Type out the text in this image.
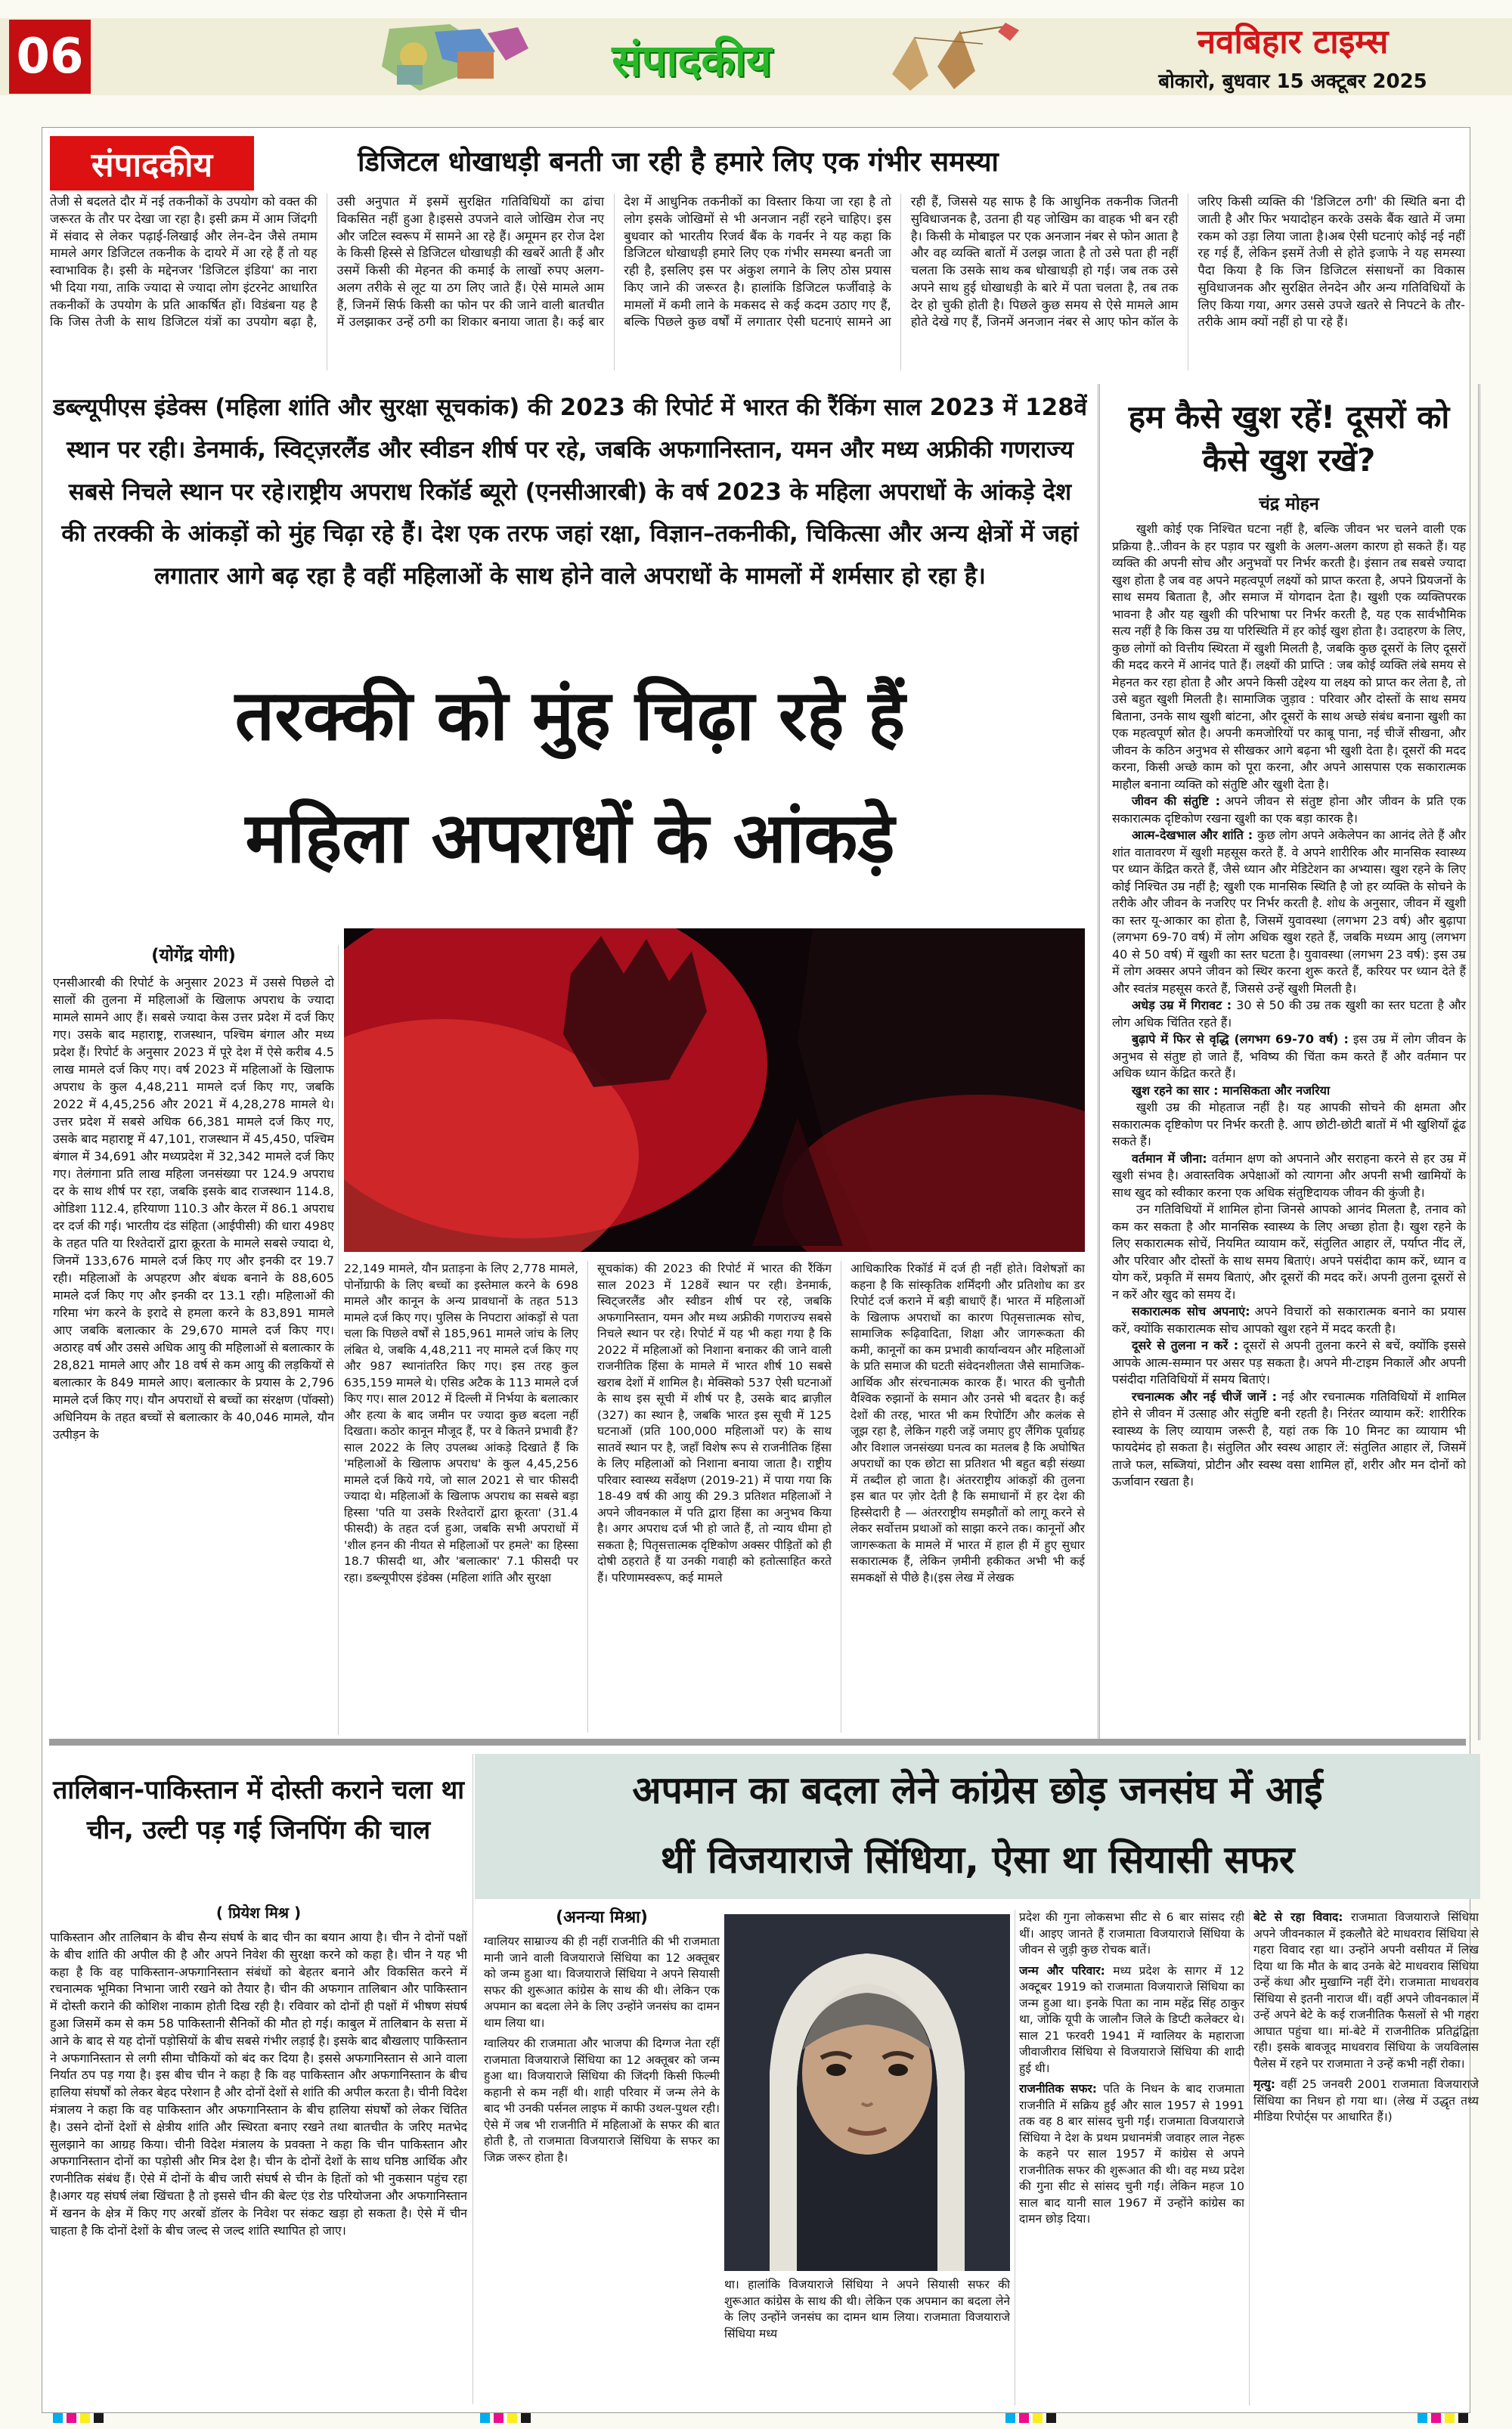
06	संपादकीय	नवबिहार टाइम्स
बोकारो, बुधवार 15 अक्टूबर 2025
संपादकीय	डिजिटल धोखाधड़ी बनती जा रही है हमारे लिए एक गंभीर समस्या
तेजी से बदलते दौर में नई तकनीकों के उपयोग को वक्त की जरूरत के तौर पर देखा जा रहा है। इसी क्रम में आम जिंदगी में संवाद से लेकर पढ़ाई-लिखाई और लेन-देन जैसे तमाम मामले अगर डिजिटल तकनीक के दायरे में आ रहे हैं तो यह स्वाभाविक है। इसी के मद्देनजर 'डिजिटल इंडिया' का नारा भी दिया गया, ताकि ज्यादा से ज्यादा लोग इंटरनेट आधारित तकनीकों के उपयोग के प्रति आकर्षित हों। विडंबना यह है कि जिस तेजी के साथ डिजिटल यंत्रों का उपयोग बढ़ा है, उसी अनुपात में इसमें सुरक्षित गतिविधियों का ढांचा विकसित नहीं हुआ है।इससे उपजने वाले जोखिम रोज नए और जटिल स्वरूप में सामने आ रहे हैं। अमूमन हर रोज देश के किसी हिस्से से डिजिटल धोखाधड़ी की खबरें आती हैं और उसमें किसी की मेहनत की कमाई के लाखों रुपए अलग-अलग तरीके से लूट या ठग लिए जाते हैं। ऐसे मामले आम हैं, जिनमें सिर्फ किसी का फोन पर की जाने वाली बातचीत में उलझाकर उन्हें ठगी का शिकार बनाया जाता है। कई बार देश में आधुनिक तकनीकों का विस्तार किया जा रहा है तो लोग इसके जोखिमों से भी अनजान नहीं रहने चाहिए। इस बुधवार को भारतीय रिजर्व बैंक के गवर्नर ने यह कहा कि डिजिटल धोखाधड़ी हमारे लिए एक गंभीर समस्या बनती जा रही है, इसलिए इस पर अंकुश लगाने के लिए ठोस प्रयास किए जाने की जरूरत है। हालांकि डिजिटल फर्जीवाड़े के मामलों में कमी लाने के मकसद से कई कदम उठाए गए हैं, बल्कि पिछले कुछ वर्षों में लगातार ऐसी घटनाएं सामने आ रही हैं, जिससे यह साफ है कि आधुनिक तकनीक जितनी सुविधाजनक है, उतना ही यह जोखिम का वाहक भी बन रही है। किसी के मोबाइल पर एक अनजान नंबर से फोन आता है और वह व्यक्ति बातों में उलझ जाता है तो उसे पता ही नहीं चलता कि उसके साथ कब धोखाधड़ी हो गई। जब तक उसे अपने साथ हुई धोखाधड़ी के बारे में पता चलता है, तब तक देर हो चुकी होती है। पिछले कुछ समय से ऐसे मामले आम होते देखे गए हैं, जिनमें अनजान नंबर से आए फोन कॉल के जरिए किसी व्यक्ति की 'डिजिटल ठगी' की स्थिति बना दी जाती है और फिर भयादोहन करके उसके बैंक खाते में जमा रकम को उड़ा लिया जाता है।अब ऐसी घटनाएं कोई नई नहीं रह गई हैं, लेकिन इसमें तेजी से होते इजाफे ने यह समस्या पैदा किया है कि जिन डिजिटल संसाधनों का विकास सुविधाजनक और सुरक्षित लेनदेन और अन्य गतिविधियों के लिए किया गया, अगर उससे उपजे खतरे से निपटने के तौर-तरीके आम क्यों नहीं हो पा रहे हैं।
डब्ल्यूपीएस इंडेक्स (महिला शांति और सुरक्षा सूचकांक) की 2023 की रिपोर्ट में भारत की रैंकिंग साल 2023 में 128वें स्थान पर रही। डेनमार्क, स्विट्ज़रलैंड और स्वीडन शीर्ष पर रहे, जबकि अफगानिस्तान, यमन और मध्य अफ्रीकी गणराज्य सबसे निचले स्थान पर रहे।राष्ट्रीय अपराध रिकॉर्ड ब्यूरो (एनसीआरबी) के वर्ष 2023 के महिला अपराधों के आंकड़े देश की तरक्की के आंकड़ों को मुंह चिढ़ा रहे हैं। देश एक तरफ जहां रक्षा, विज्ञान–तकनीकी, चिकित्सा और अन्य क्षेत्रों में जहां लगातार आगे बढ़ रहा है वहीं महिलाओं के साथ होने वाले अपराधों के मामलों में शर्मसार हो रहा है।
तरक्की को मुंह चिढ़ा रहे हैं
महिला अपराधों के आंकड़े
(योगेंद्र योगी)
एनसीआरबी की रिपोर्ट के अनुसार 2023 में उससे पिछले दो सालों की तुलना में महिलाओं के खिलाफ अपराध के ज्यादा मामले सामने आए हैं। सबसे ज्यादा केस उत्तर प्रदेश में दर्ज किए गए। उसके बाद महाराष्ट्र, राजस्थान, पश्चिम बंगाल और मध्य प्रदेश हैं। रिपोर्ट के अनुसार 2023 में पूरे देश में ऐसे करीब 4.5 लाख मामले दर्ज किए गए। वर्ष 2023 में महिलाओं के खिलाफ अपराध के कुल 4,48,211 मामले दर्ज किए गए, जबकि 2022 में 4,45,256 और 2021 में 4,28,278 मामले थे। उत्तर प्रदेश में सबसे अधिक 66,381 मामले दर्ज किए गए, उसके बाद महाराष्ट्र में 47,101, राजस्थान में 45,450, पश्चिम बंगाल में 34,691 और मध्यप्रदेश में 32,342 मामले दर्ज किए गए। तेलंगाना प्रति लाख महिला जनसंख्या पर 124.9 अपराध दर के साथ शीर्ष पर रहा, जबकि इसके बाद राजस्थान 114.8, ओडिशा 112.4, हरियाणा 110.3 और केरल में 86.1 अपराध दर दर्ज की गई। भारतीय दंड संहिता (आईपीसी) की धारा 498ए के तहत पति या रिश्तेदारों द्वारा क्रूरता के मामले सबसे ज्यादा थे, जिनमें 133,676 मामले दर्ज किए गए और इनकी दर 19.7 रही। महिलाओं के अपहरण और बंधक बनाने के 88,605 मामले दर्ज किए गए और इनकी दर 13.1 रही। महिलाओं की गरिमा भंग करने के इरादे से हमला करने के 83,891 मामले आए जबकि बलात्कार के 29,670 मामले दर्ज किए गए। अठारह वर्ष और उससे अधिक आयु की महिलाओं से बलात्कार के 28,821 मामले आए और 18 वर्ष से कम आयु की लड़कियों से बलात्कार के 849 मामले आए। बलात्कार के प्रयास के 2,796 मामले दर्ज किए गए। यौन अपराधों से बच्चों का संरक्षण (पॉक्सो) अधिनियम के तहत बच्चों से बलात्कार के 40,046 मामले, यौन उत्पीड़न के
22,149 मामले, यौन प्रताड़ना के लिए 2,778 मामले, पोर्नोग्राफी के लिए बच्चों का इस्तेमाल करने के 698 मामले और कानून के अन्य प्रावधानों के तहत 513 मामले दर्ज किए गए। पुलिस के निपटारा आंकड़ों से पता चला कि पिछले वर्षों से 185,961 मामले जांच के लिए लंबित थे, जबकि 4,48,211 नए मामले दर्ज किए गए और 987 स्थानांतरित किए गए। इस तरह कुल 635,159 मामले थे। एसिड अटैक के 113 मामले दर्ज किए गए। साल 2012 में दिल्ली में निर्भया के बलात्कार और हत्या के बाद जमीन पर ज्यादा कुछ बदला नहीं दिखता। कठोर कानून मौजूद हैं, पर वे कितने प्रभावी हैं? साल 2022 के लिए उपलब्ध आंकड़े दिखाते हैं कि 'महिलाओं के खिलाफ अपराध' के कुल 4,45,256 मामले दर्ज किये गये, जो साल 2021 से चार फीसदी ज्यादा थे। महिलाओं के खिलाफ अपराध का सबसे बड़ा हिस्सा 'पति या उसके रिश्तेदारों द्वारा क्रूरता' (31.4 फीसदी) के तहत दर्ज हुआ, जबकि सभी अपराधों में 'शील हनन की नीयत से महिलाओं पर हमले' का हिस्सा 18.7 फीसदी था, और 'बलात्कार' 7.1 फीसदी पर रहा। डब्ल्यूपीएस इंडेक्स (महिला शांति और सुरक्षा
सूचकांक) की 2023 की रिपोर्ट में भारत की रैंकिंग साल 2023 में 128वें स्थान पर रही। डेनमार्क, स्विट्जरलैंड और स्वीडन शीर्ष पर रहे, जबकि अफगानिस्तान, यमन और मध्य अफ्रीकी गणराज्य सबसे निचले स्थान पर रहे। रिपोर्ट में यह भी कहा गया है कि 2022 में महिलाओं को निशाना बनाकर की जाने वाली राजनीतिक हिंसा के मामले में भारत शीर्ष 10 सबसे खराब देशों में शामिल है। मेक्सिको 537 ऐसी घटनाओं के साथ इस सूची में शीर्ष पर है, उसके बाद ब्राज़ील (327) का स्थान है, जबकि भारत इस सूची में 125 घटनाओं (प्रति 100,000 महिलाओं पर) के साथ सातवें स्थान पर है, जहाँ विशेष रूप से राजनीतिक हिंसा के लिए महिलाओं को निशाना बनाया जाता है। राष्ट्रीय परिवार स्वास्थ्य सर्वेक्षण (2019-21) में पाया गया कि 18-49 वर्ष की आयु की 29.3 प्रतिशत महिलाओं ने अपने जीवनकाल में पति द्वारा हिंसा का अनुभव किया है। अगर अपराध दर्ज भी हो जाते हैं, तो न्याय धीमा हो सकता है; पितृसत्तात्मक दृष्टिकोण अक्सर पीड़ितों को ही दोषी ठहराते हैं या उनकी गवाही को हतोत्साहित करते हैं। परिणामस्वरूप, कई मामले
आधिकारिक रिकॉर्ड में दर्ज ही नहीं होते। विशेषज्ञों का कहना है कि सांस्कृतिक शर्मिंदगी और प्रतिशोध का डर रिपोर्ट दर्ज कराने में बड़ी बाधाएँ हैं। भारत में महिलाओं के खिलाफ अपराधों का कारण पितृसत्तात्मक सोच, सामाजिक रूढ़िवादिता, शिक्षा और जागरूकता की कमी, कानूनों का कम प्रभावी कार्यान्वयन और महिलाओं के प्रति समाज की घटती संवेदनशीलता जैसे सामाजिक-आर्थिक और संरचनात्मक कारक हैं। भारत की चुनौती वैश्विक रुझानों के समान और उनसे भी बदतर है। कई देशों की तरह, भारत भी कम रिपोर्टिंग और कलंक से जूझ रहा है, लेकिन गहरी जड़ें जमाए हुए लैंगिक पूर्वाग्रह और विशाल जनसंख्या घनत्व का मतलब है कि अघोषित अपराधों का एक छोटा सा प्रतिशत भी बहुत बड़ी संख्या में तब्दील हो जाता है। अंतरराष्ट्रीय आंकड़ों की तुलना इस बात पर ज़ोर देती है कि समाधानों में हर देश की हिस्सेदारी है — अंतरराष्ट्रीय समझौतों को लागू करने से लेकर सर्वोत्तम प्रथाओं को साझा करने तक। कानूनों और जागरूकता के मामले में भारत में हाल ही में हुए सुधार सकारात्मक हैं, लेकिन ज़मीनी हकीकत अभी भी कई समकक्षों से पीछे है।(इस लेख में लेखक
हम कैसे खुश रहें! दूसरों को कैसे खुश रखें?
चंद्र मोहन

खुशी कोई एक निश्चित घटना नहीं है, बल्कि जीवन भर चलने वाली एक प्रक्रिया है..जीवन के हर पड़ाव पर खुशी के अलग-अलग कारण हो सकते हैं। यह व्यक्ति की अपनी सोच और अनुभवों पर निर्भर करती है। इंसान तब सबसे ज्यादा खुश होता है जब वह अपने महत्वपूर्ण लक्ष्यों को प्राप्त करता है, अपने प्रियजनों के साथ समय बिताता है, और समाज में योगदान देता है। खुशी एक व्यक्तिपरक भावना है और यह खुशी की परिभाषा पर निर्भर करती है, यह एक सार्वभौमिक सत्य नहीं है कि किस उम्र या परिस्थिति में हर कोई खुश होता है। उदाहरण के लिए, कुछ लोगों को वित्तीय स्थिरता में खुशी मिलती है, जबकि कुछ दूसरों के लिए दूसरों की मदद करने में आनंद पाते हैं। लक्ष्यों की प्राप्ति : जब कोई व्यक्ति लंबे समय से मेहनत कर रहा होता है और अपने किसी उद्देश्य या लक्ष्य को प्राप्त कर लेता है, तो उसे बहुत खुशी मिलती है। सामाजिक जुड़ाव : परिवार और दोस्तों के साथ समय बिताना, उनके साथ खुशी बांटना, और दूसरों के साथ अच्छे संबंध बनाना खुशी का एक महत्वपूर्ण स्रोत है। अपनी कमजोरियों पर काबू पाना, नई चीजें सीखना, और जीवन के कठिन अनुभव से सीखकर आगे बढ़ना भी खुशी देता है। दूसरों की मदद करना, किसी अच्छे काम को पूरा करना, और अपने आसपास एक सकारात्मक माहौल बनाना व्यक्ति को संतुष्टि और खुशी देता है।

जीवन की संतुष्टि : अपने जीवन से संतुष्ट होना और जीवन के प्रति एक सकारात्मक दृष्टिकोण रखना खुशी का एक बड़ा कारक है।

आत्म-देखभाल और शांति : कुछ लोग अपने अकेलेपन का आनंद लेते हैं और शांत वातावरण में खुशी महसूस करते हैं. वे अपने शारीरिक और मानसिक स्वास्थ्य पर ध्यान केंद्रित करते हैं, जैसे ध्यान और मेडिटेशन का अभ्यास। खुश रहने के लिए कोई निश्चित उम्र नहीं है; खुशी एक मानसिक स्थिति है जो हर व्यक्ति के सोचने के तरीके और जीवन के नजरिए पर निर्भर करती है. शोध के अनुसार, जीवन में खुशी का स्तर यू-आकार का होता है, जिसमें युवावस्था (लगभग 23 वर्ष) और बुढ़ापा (लगभग 69-70 वर्ष) में लोग अधिक खुश रहते हैं, जबकि मध्यम आयु (लगभग 40 से 50 वर्ष) में खुशी का स्तर घटता है। युवावस्था (लगभग 23 वर्ष): इस उम्र में लोग अक्सर अपने जीवन को स्थिर करना शुरू करते हैं, करियर पर ध्यान देते हैं और स्वतंत्र महसूस करते हैं, जिससे उन्हें खुशी मिलती है।

अधेड़ उम्र में गिरावट : 30 से 50 की उम्र तक खुशी का स्तर घटता है और लोग अधिक चिंतित रहते हैं।

बुढ़ापे में फिर से वृद्धि (लगभग 69-70 वर्ष) : इस उम्र में लोग जीवन के अनुभव से संतुष्ट हो जाते हैं, भविष्य की चिंता कम करते हैं और वर्तमान पर अधिक ध्यान केंद्रित करते हैं।

खुश रहने का सार : मानसिकता और नजरिया

खुशी उम्र की मोहताज नहीं है। यह आपकी सोचने की क्षमता और सकारात्मक दृष्टिकोण पर निर्भर करती है. आप छोटी-छोटी बातों में भी खुशियाँ ढूंढ सकते हैं।

वर्तमान में जीना: वर्तमान क्षण को अपनाने और सराहना करने से हर उम्र में खुशी संभव है। अवास्तविक अपेक्षाओं को त्यागना और अपनी सभी खामियों के साथ खुद को स्वीकार करना एक अधिक संतुष्टिदायक जीवन की कुंजी है।

उन गतिविधियों में शामिल होना जिनसे आपको आनंद मिलता है, तनाव को कम कर सकता है और मानसिक स्वास्थ्य के लिए अच्छा होता है। खुश रहने के लिए सकारात्मक सोचें, नियमित व्यायाम करें, संतुलित आहार लें, पर्याप्त नींद लें, और परिवार और दोस्तों के साथ समय बिताएं। अपने पसंदीदा काम करें, ध्यान व योग करें, प्रकृति में समय बिताएं, और दूसरों की मदद करें। अपनी तुलना दूसरों से न करें और खुद को समय दें।

सकारात्मक सोच अपनाएं: अपने विचारों को सकारात्मक बनाने का प्रयास करें, क्योंकि सकारात्मक सोच आपको खुश रहने में मदद करती है।

दूसरे से तुलना न करें : दूसरों से अपनी तुलना करने से बचें, क्योंकि इससे आपके आत्म-सम्मान पर असर पड़ सकता है। अपने मी-टाइम निकालें और अपनी पसंदीदा गतिविधियों में समय बिताएं।

रचनात्मक और नई चीजें जानें : नई और रचनात्मक गतिविधियों में शामिल होने से जीवन में उत्साह और संतुष्टि बनी रहती है। निरंतर व्यायाम करें: शारीरिक स्वास्थ्य के लिए व्यायाम जरूरी है, यहां तक कि 10 मिनट का व्यायाम भी फायदेमंद हो सकता है। संतुलित और स्वस्थ आहार लें: संतुलित आहार लें, जिसमें ताजे फल, सब्जियां, प्रोटीन और स्वस्थ वसा शामिल हों, शरीर और मन दोनों को ऊर्जावान रखता है।

तालिबान-पाकिस्तान में दोस्ती कराने चला था चीन, उल्टी पड़ गई जिनपिंग की चाल
( प्रियेश मिश्र )
पाकिस्तान और तालिबान के बीच सैन्य संघर्ष के बाद चीन का बयान आया है। चीन ने दोनों पक्षों के बीच शांति की अपील की है और अपने निवेश की सुरक्षा करने को कहा है। चीन ने यह भी कहा है कि वह पाकिस्तान-अफगानिस्तान संबंधों को बेहतर बनाने और विकसित करने में रचनात्मक भूमिका निभाना जारी रखने को तैयार है। चीन की अफगान तालिबान और पाकिस्तान में दोस्ती कराने की कोशिश नाकाम होती दिख रही है। रविवार को दोनों ही पक्षों में भीषण संघर्ष हुआ जिसमें कम से कम 58 पाकिस्तानी सैनिकों की मौत हो गई। काबुल में तालिबान के सत्ता में आने के बाद से यह दोनों पड़ोसियों के बीच सबसे गंभीर लड़ाई है। इसके बाद बौखलाए पाकिस्तान ने अफगानिस्तान से लगी सीमा चौकियों को बंद कर दिया है। इससे अफगानिस्तान से आने वाला निर्यात ठप पड़ गया है। इस बीच चीन ने कहा है कि वह पाकिस्तान और अफगानिस्तान के बीच हालिया संघर्षों को लेकर बेहद परेशान है और दोनों देशों से शांति की अपील करता है। चीनी विदेश मंत्रालय ने कहा कि वह पाकिस्तान और अफगानिस्तान के बीच हालिया संघर्षों को लेकर चिंतित है। उसने दोनों देशों से क्षेत्रीय शांति और स्थिरता बनाए रखने तथा बातचीत के जरिए मतभेद सुलझाने का आग्रह किया। चीनी विदेश मंत्रालय के प्रवक्ता ने कहा कि चीन पाकिस्तान और अफगानिस्तान दोनों का पड़ोसी और मित्र देश है। चीन के दोनों देशों के साथ घनिष्ठ आर्थिक और रणनीतिक संबंध हैं। ऐसे में दोनों के बीच जारी संघर्ष से चीन के हितों को भी नुकसान पहुंच रहा है।अगर यह संघर्ष लंबा खिंचता है तो इससे चीन की बेल्ट एंड रोड परियोजना और अफगानिस्तान में खनन के क्षेत्र में किए गए अरबों डॉलर के निवेश पर संकट खड़ा हो सकता है। ऐसे में चीन चाहता है कि दोनों देशों के बीच जल्द से जल्द शांति स्थापित हो जाए।
अपमान का बदला लेने कांग्रेस छोड़ जनसंघ में आई
थीं विजयाराजे सिंधिया, ऐसा था सियासी सफर
(अनन्या मिश्रा)

ग्वालियर साम्राज्य की ही नहीं राजनीति की भी राजमाता मानी जाने वाली विजयाराजे सिंधिया का 12 अक्तूबर को जन्म हुआ था। विजयाराजे सिंधिया ने अपने सियासी सफर की शुरूआत कांग्रेस के साथ की थी। लेकिन एक अपमान का बदला लेने के लिए उन्होंने जनसंघ का दामन थाम लिया था।

ग्वालियर की राजमाता और भाजपा की दिग्गज नेता रहीं राजमाता विजयाराजे सिंधिया का 12 अक्तूबर को जन्म हुआ था। विजयाराजे सिंधिया की जिंदगी किसी फिल्मी कहानी से कम नहीं थी। शाही परिवार में जन्म लेने के बाद भी उनकी पर्सनल लाइफ में काफी उथल-पुथल रही। ऐसे में जब भी राजनीति में महिलाओं के सफर की बात होती है, तो राजमाता विजयाराजे सिंधिया के सफर का जिक्र जरूर होता है।

था। हालांकि विजयाराजे सिंधिया ने अपने सियासी सफर की शुरूआत कांग्रेस के साथ की थी। लेकिन एक अपमान का बदला लेने के लिए उन्होंने जनसंघ का दामन थाम लिया। राजमाता विजयाराजे सिंधिया मध्य

प्रदेश की गुना लोकसभा सीट से 6 बार सांसद रही थीं। आइए जानते हैं राजमाता विजयाराजे सिंधिया के जीवन से जुड़ी कुछ रोचक बातें।

जन्म और परिवार: मध्य प्रदेश के सागर में 12 अक्टूबर 1919 को राजमाता विजयाराजे सिंधिया का जन्म हुआ था। इनके पिता का नाम महेंद्र सिंह ठाकुर था, जोकि यूपी के जालौन जिले के डिप्टी कलेक्टर थे। साल 21 फरवरी 1941 में ग्वालियर के महाराजा जीवाजीराव सिंधिया से विजयाराजे सिंधिया की शादी हुई थी।

राजनीतिक सफर: पति के निधन के बाद राजमाता राजनीति में सक्रिय हुईं और साल 1957 से 1991 तक वह 8 बार सांसद चुनी गईं। राजमाता विजयाराजे सिंधिया ने देश के प्रथम प्रधानमंत्री जवाहर लाल नेहरू के कहने पर साल 1957 में कांग्रेस से अपने राजनीतिक सफर की शुरूआत की थी। वह मध्य प्रदेश की गुना सीट से सांसद चुनी गईं। लेकिन महज 10 साल बाद यानी साल 1967 में उन्होंने कांग्रेस का दामन छोड़ दिया।

बेटे से रहा विवाद: राजमाता विजयाराजे सिंधिया अपने जीवनकाल में इकलौते बेटे माधवराव सिंधिया से गहरा विवाद रहा था। उन्होंने अपनी वसीयत में लिख दिया था कि मौत के बाद उनके बेटे माधवराव सिंधिया उन्हें कंधा और मुखाग्नि नहीं देंगे। राजमाता माधवराव सिंधिया से इतनी नाराज थीं। वहीं अपने जीवनकाल में उन्हें अपने बेटे के कई राजनीतिक फैसलों से भी गहरा आघात पहुंचा था। मां-बेटे में राजनीतिक प्रतिद्वंद्विता रही। इसके बावजूद माधवराव सिंधिया के जयविलास पैलेस में रहने पर राजमाता ने उन्हें कभी नहीं रोका।

मृत्यु: वहीं 25 जनवरी 2001 राजमाता विजयाराजे सिंधिया का निधन हो गया था। (लेख में उद्धृत तथ्य मीडिया रिपोर्ट्स पर आधारित हैं।)
